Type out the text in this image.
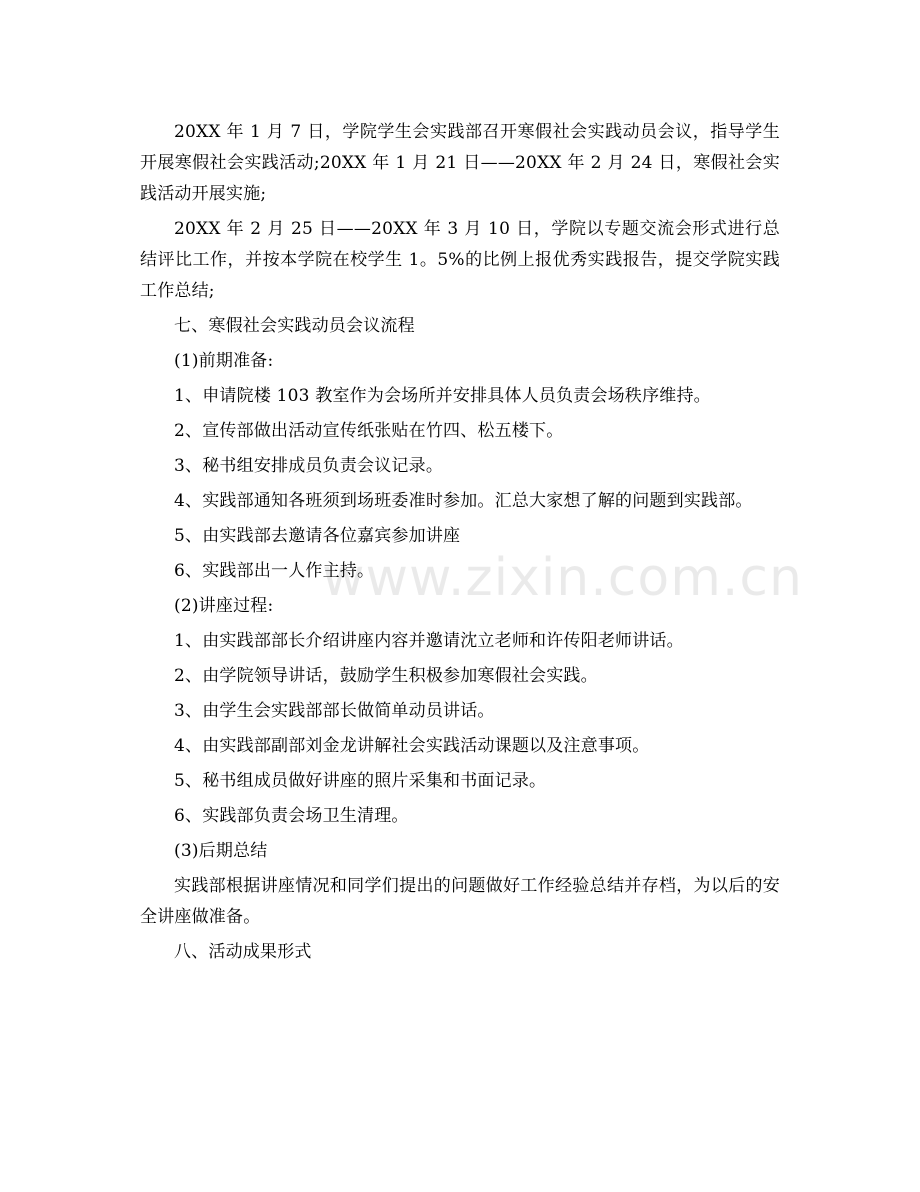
20XX 年 1 月 7 日，学院学生会实践部召开寒假社会实践动员会议，指导学生开展寒假社会实践活动;20XX 年 1 月 21 日——20XX 年 2 月 24 日，寒假社会实践活动开展实施;

20XX 年 2 月 25 日——20XX 年 3 月 10 日，学院以专题交流会形式进行总结评比工作，并按本学院在校学生 1。5%的比例上报优秀实践报告，提交学院实践工作总结;

七、寒假社会实践动员会议流程

(1)前期准备:

1、申请院楼 103 教室作为会场所并安排具体人员负责会场秩序维持。

2、宣传部做出活动宣传纸张贴在竹四、松五楼下。

3、秘书组安排成员负责会议记录。

4、实践部通知各班须到场班委准时参加。汇总大家想了解的问题到实践部。

5、由实践部去邀请各位嘉宾参加讲座

6、实践部出一人作主持。

(2)讲座过程:

1、由实践部部长介绍讲座内容并邀请沈立老师和许传阳老师讲话。

2、由学院领导讲话，鼓励学生积极参加寒假社会实践。

3、由学生会实践部部长做简单动员讲话。

4、由实践部副部刘金龙讲解社会实践活动课题以及注意事项。

5、秘书组成员做好讲座的照片采集和书面记录。

6、实践部负责会场卫生清理。

(3)后期总结

实践部根据讲座情况和同学们提出的问题做好工作经验总结并存档，为以后的安全讲座做准备。

八、活动成果形式

www.zixin.com.cn
